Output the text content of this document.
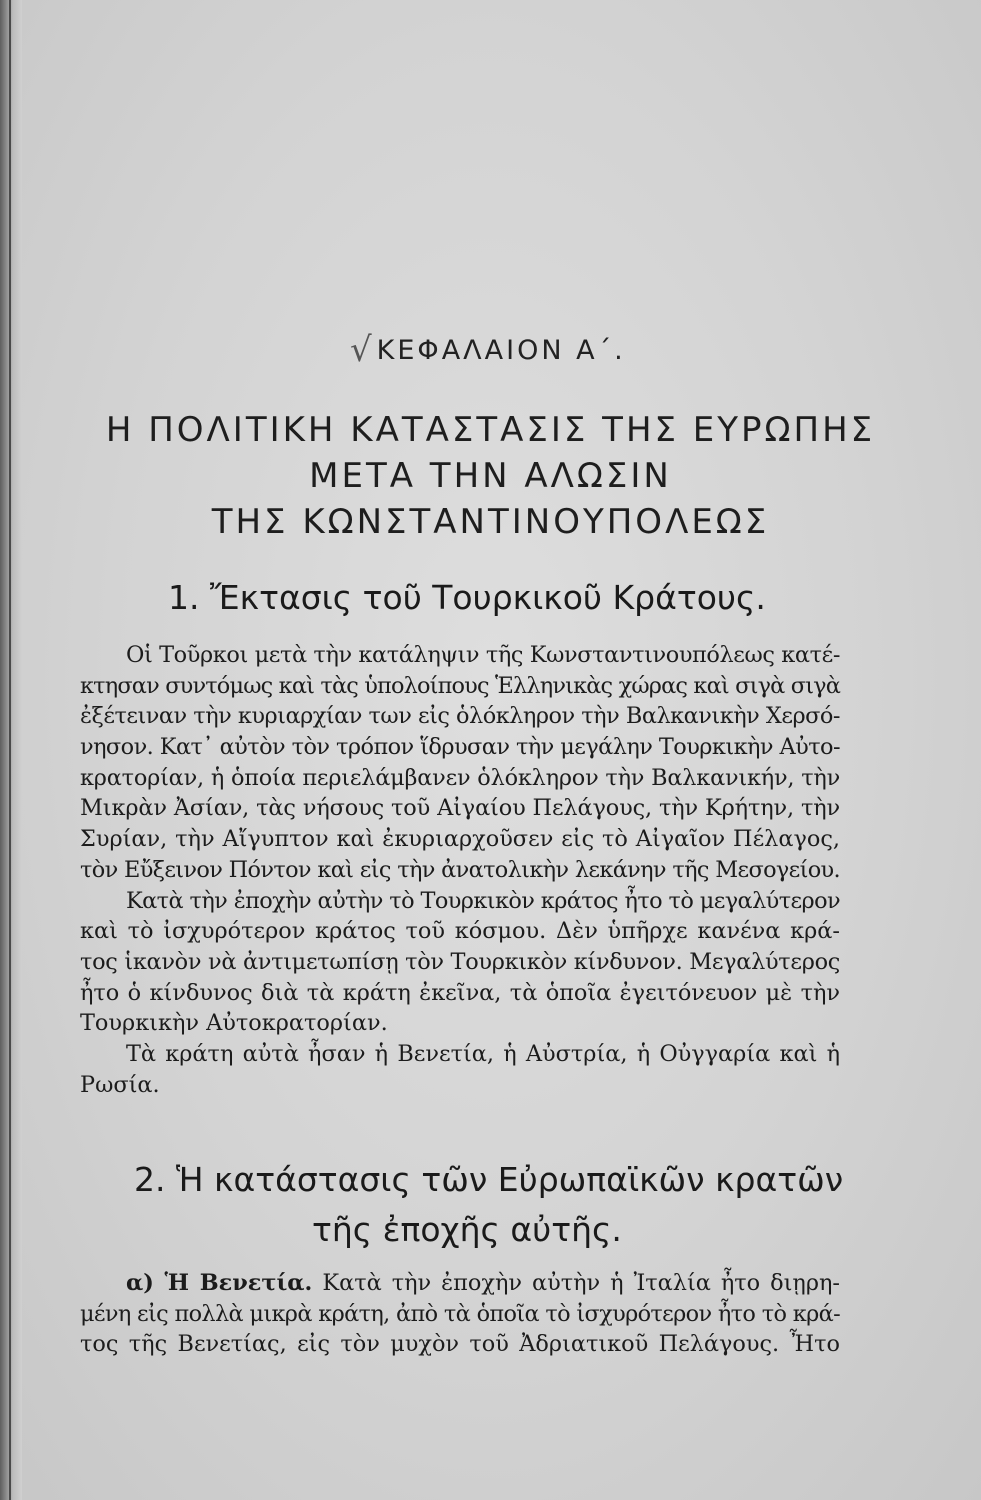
√ΚΕΦΑΛΑΙΟΝ Α΄.
Η ΠΟΛΙΤΙΚΗ ΚΑΤΑΣΤΑΣΙΣ ΤΗΣ ΕΥΡΩΠΗΣ
ΜΕΤΑ ΤΗΝ ΑΛΩΣΙΝ
ΤΗΣ ΚΩΝΣΤΑΝΤΙΝΟΥΠΟΛΕΩΣ
1. Ἔκτασις τοῦ Τουρκικοῦ Κράτους.
Οἱ Τοῦρκοι μετὰ τὴν κατάληψιν τῆς Κωνσταντινουπόλεως κατέ-
κτησαν συντόμως καὶ τὰς ὑπολοίπους Ἑλληνικὰς χώρας καὶ σιγὰ σιγὰ
ἐξέτειναν τὴν κυριαρχίαν των εἰς ὁλόκληρον τὴν Βαλκανικὴν Χερσό-
νησον. Κατ᾽ αὐτὸν τὸν τρόπον ἵδρυσαν τὴν μεγάλην Τουρκικὴν Αὐτο-
κρατορίαν, ἡ ὁποία περιελάμβανεν ὁλόκληρον τὴν Βαλκανικήν, τὴν
Μικρὰν Ἀσίαν, τὰς νήσους τοῦ Αἰγαίου Πελάγους, τὴν Κρήτην, τὴν
Συρίαν, τὴν Αἴγυπτον καὶ ἐκυριαρχοῦσεν εἰς τὸ Αἰγαῖον Πέλαγος,
τὸν Εὔξεινον Πόντον καὶ εἰς τὴν ἀνατολικὴν λεκάνην τῆς Μεσογείου.
Κατὰ τὴν ἐποχὴν αὐτὴν τὸ Τουρκικὸν κράτος ἦτο τὸ μεγαλύτερον
καὶ τὸ ἰσχυρότερον κράτος τοῦ κόσμου. Δὲν ὑπῆρχε κανένα κρά-
τος ἱκανὸν νὰ ἀντιμετωπίσῃ τὸν Τουρκικὸν κίνδυνον. Μεγαλύτερος
ἦτο ὁ κίνδυνος διὰ τὰ κράτη ἐκεῖνα, τὰ ὁποῖα ἐγειτόνευον μὲ τὴν
Τουρκικὴν Αὐτοκρατορίαν.
Τὰ κράτη αὐτὰ ἦσαν ἡ Βενετία, ἡ Αὐστρία, ἡ Οὐγγαρία καὶ ἡ
Ρωσία.
2. Ἡ κατάστασις τῶν Εὐρωπαϊκῶν κρατῶν
τῆς ἐποχῆς αὐτῆς.
α) Ἡ Βενετία. Κατὰ τὴν ἐποχὴν αὐτὴν ἡ Ἰταλία ἦτο διῃρη-
μένη εἰς πολλὰ μικρὰ κράτη, ἀπὸ τὰ ὁποῖα τὸ ἰσχυρότερον ἦτο τὸ κρά-
τος τῆς Βενετίας, εἰς τὸν μυχὸν τοῦ Ἀδριατικοῦ Πελάγους. Ἦτο
